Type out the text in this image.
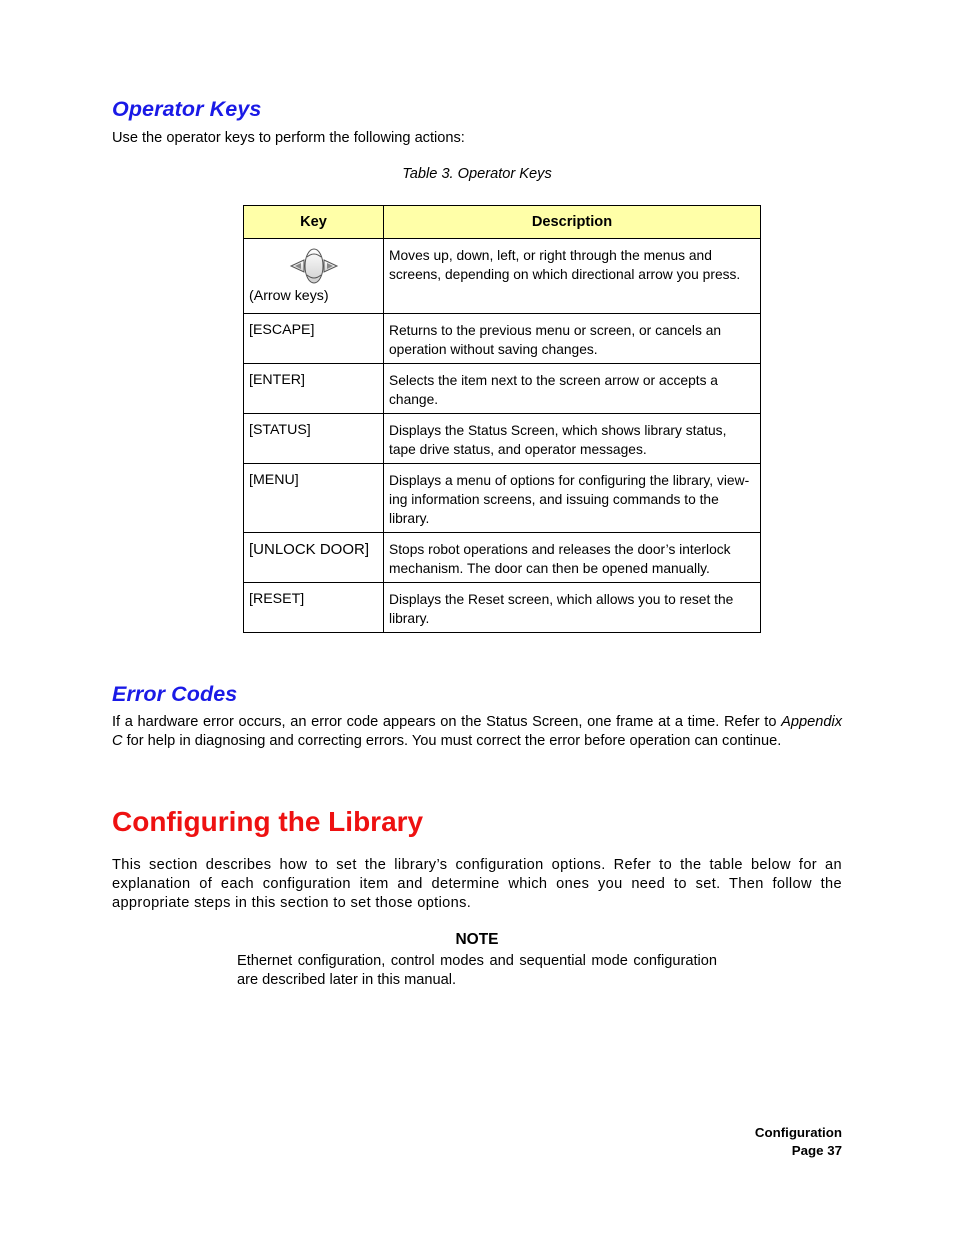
Operator Keys

Use the operator keys to perform the following actions:

Table 3. Operator Keys
Key	Description

(Arrow keys)	Moves up, down, left, or right through the menus and screens, depending on which directional arrow you press.
[ESCAPE]	Returns to the previous menu or screen, or cancels an operation without saving changes.
[ENTER]	Selects the item next to the screen arrow or accepts a change.
[STATUS]	Displays the Status Screen, which shows library status, tape drive status, and operator messages.
[MENU]	Displays a menu of options for configuring the library, view-ing information screens, and issuing commands to the library.
[UNLOCK DOOR]	Stops robot operations and releases the door’s interlock mechanism. The door can then be opened manually.
[RESET]	Displays the Reset screen, which allows you to reset the library.
Error Codes

If a hardware error occurs, an error code appears on the Status Screen, one frame at a time. Refer to Appendix C for help in diagnosing and correcting errors. You must correct the error before operation can continue.

Configuring the Library

This section describes how to set the library’s configuration options. Refer to the table below for an explanation of each configuration item and determine which ones you need to set. Then follow the appropriate steps in this section to set those options.

NOTE

Ethernet configuration, control modes and sequential mode configuration are described later in this manual.

Configuration
Page 37
